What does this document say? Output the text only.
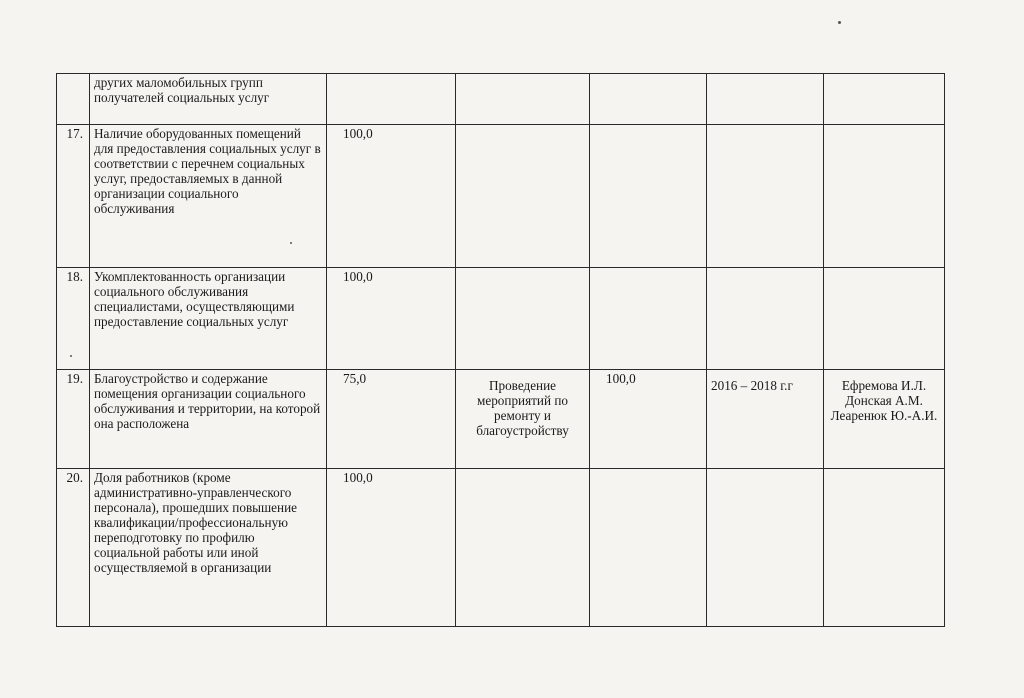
	других маломобильных групп получателей социальных услуг					
17.	Наличие оборудованных помещений для предоставления социальных услуг в соответствии с перечнем социальных услуг, предоставляемых в данной организации социального обслуживания	100,0				
18.	Укомплектованность организации социального обслуживания специалистами, осуществляющими предоставление социальных услуг	100,0				
19.	Благоустройство и содержание помещения организации социального обслуживания и территории, на которой она расположена	75,0	Проведение мероприятий по ремонту и благоустройству	100,0	2016 – 2018 г.г	Ефремова И.Л. Донская А.М. Леаренюк Ю.-А.И.
20.	Доля работников (кроме административно-управленческого персонала), прошедших повышение квалификации/профессиональную переподготовку по профилю социальной работы или иной осуществляемой в организации	100,0				
